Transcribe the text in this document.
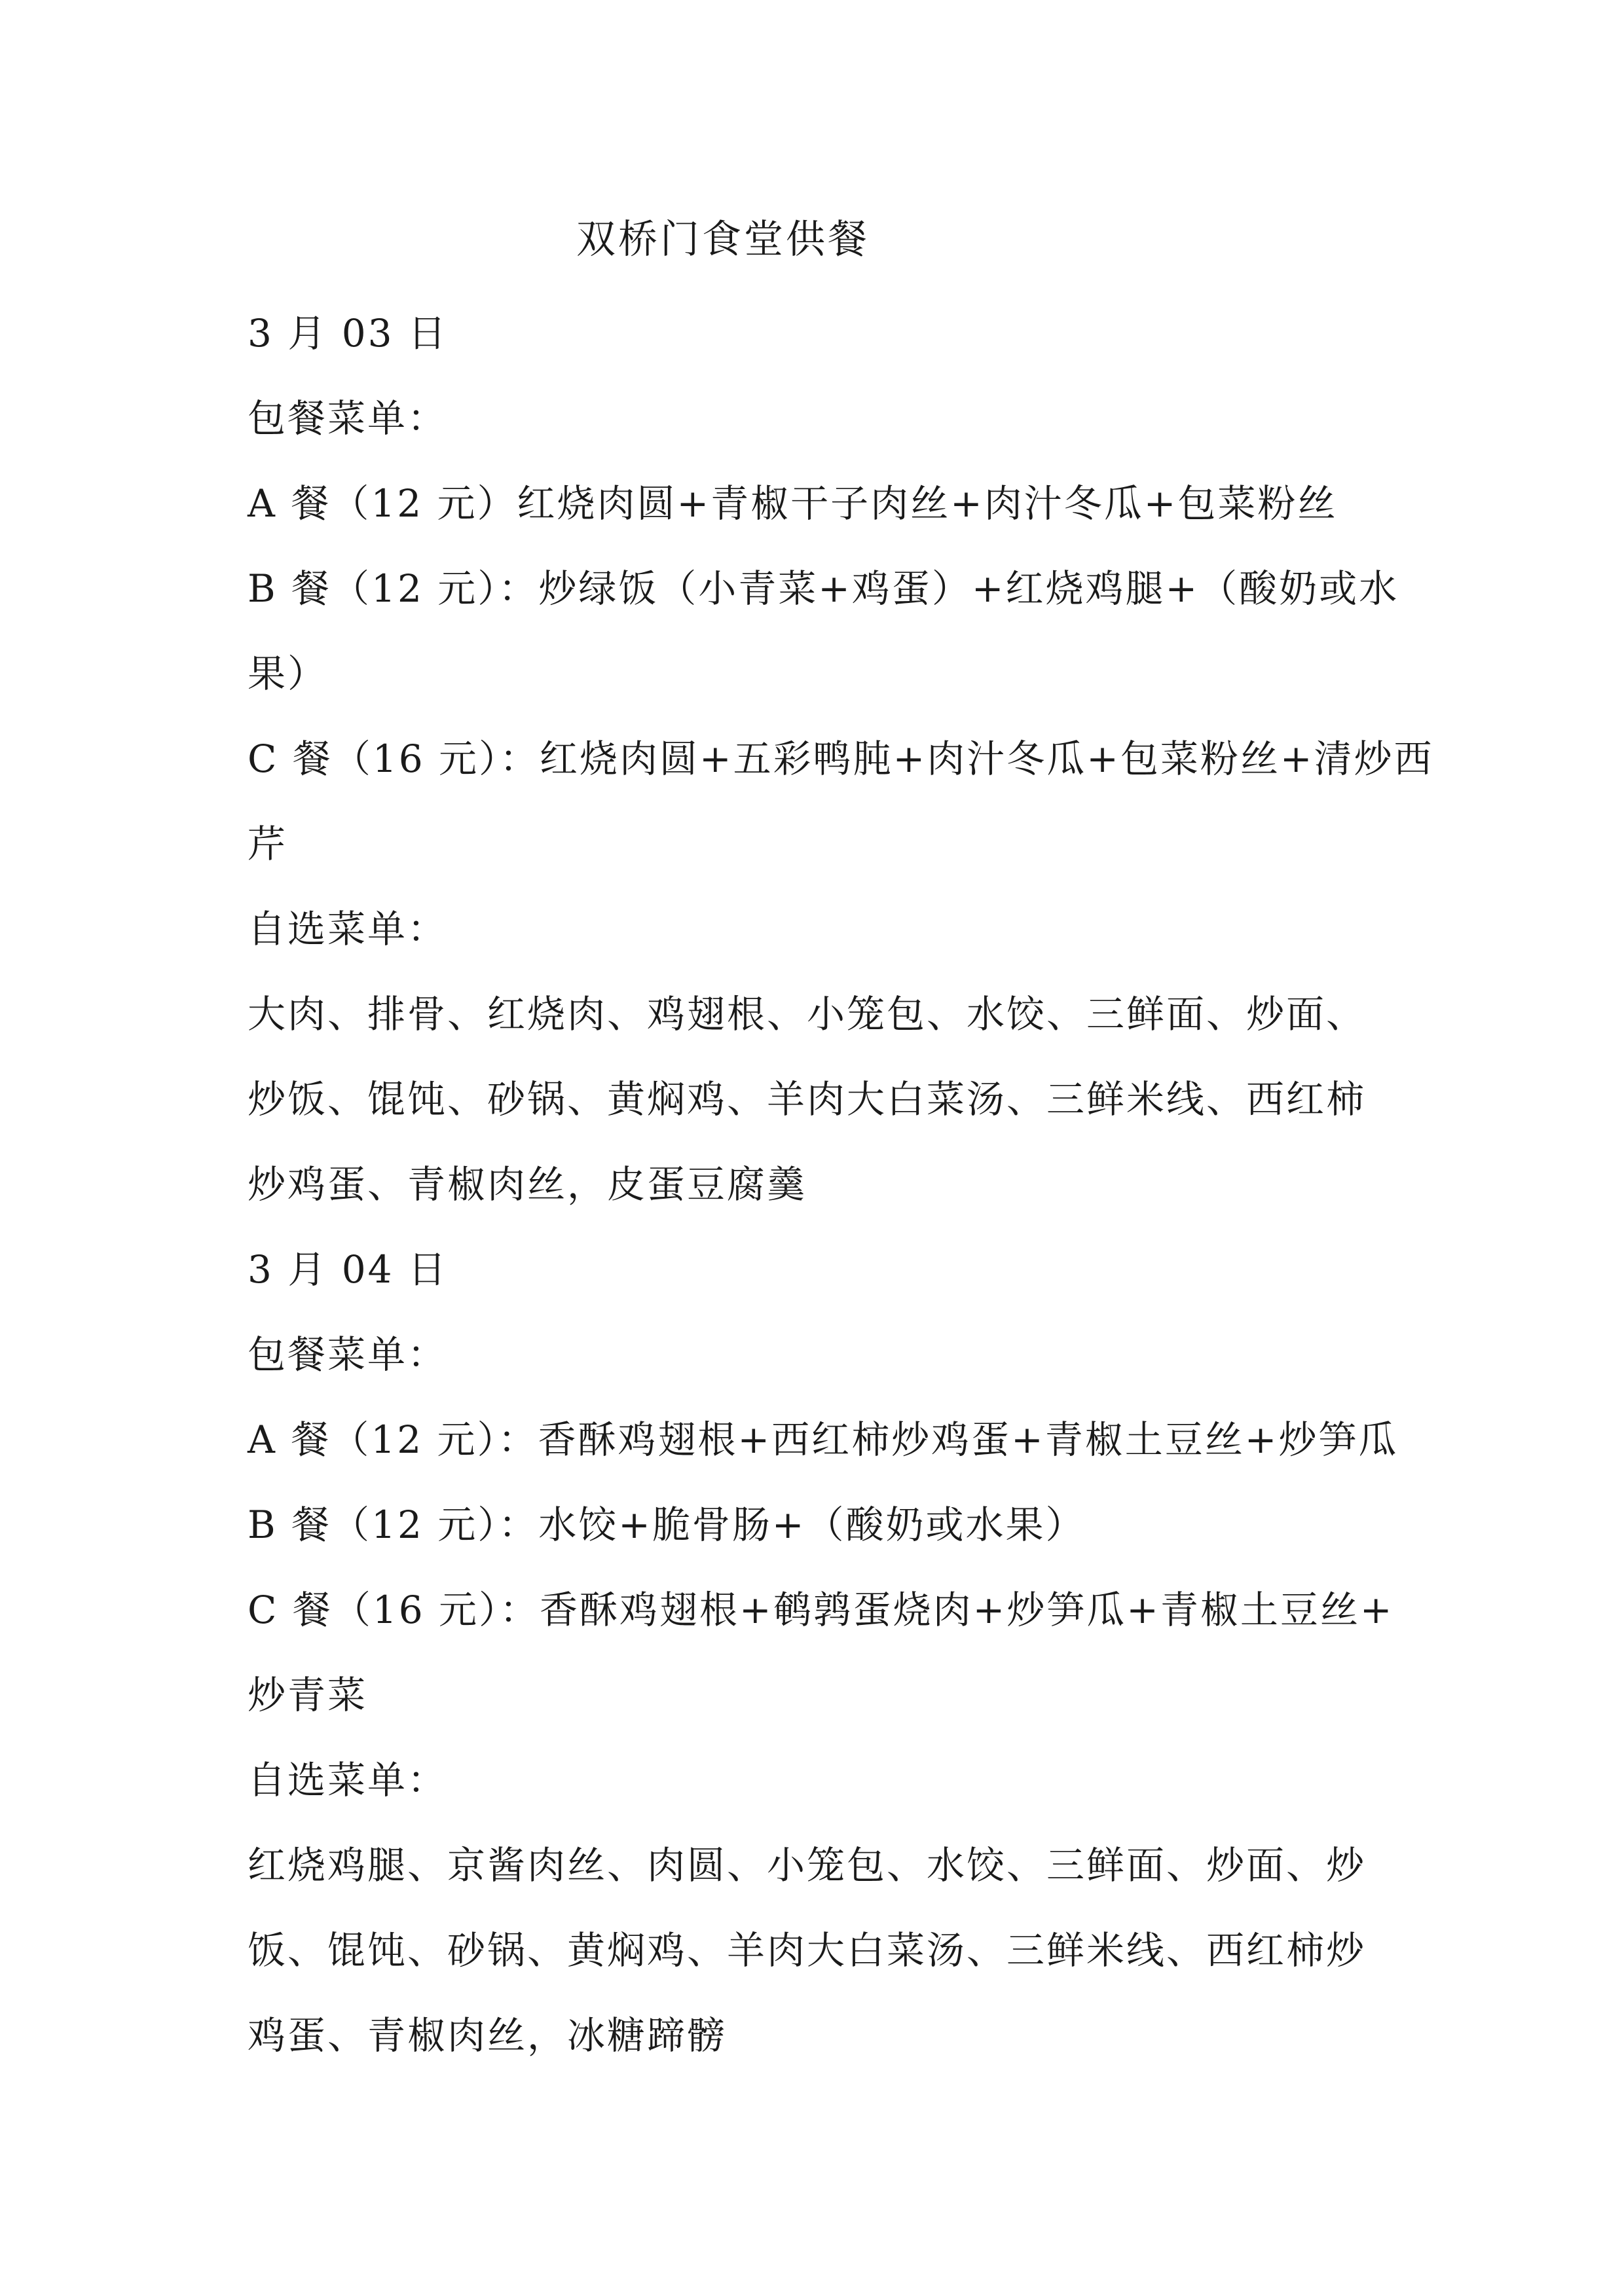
双桥门食堂供餐
3 月 03 日
包餐菜单：
A 餐（12 元）红烧肉圆+青椒干子肉丝+肉汁冬瓜+包菜粉丝
B 餐（12 元）：炒绿饭（小青菜+鸡蛋）+红烧鸡腿+（酸奶或水
果）
C 餐（16 元）：红烧肉圆+五彩鸭肫+肉汁冬瓜+包菜粉丝+清炒西
芹
自选菜单：
大肉、排骨、红烧肉、鸡翅根、小笼包、水饺、三鲜面、炒面、
炒饭、馄饨、砂锅、黄焖鸡、羊肉大白菜汤、三鲜米线、西红柿
炒鸡蛋、青椒肉丝，皮蛋豆腐羹
3 月 04 日
包餐菜单：
A 餐（12 元）：香酥鸡翅根+西红柿炒鸡蛋+青椒土豆丝+炒笋瓜
B 餐（12 元）：水饺+脆骨肠+（酸奶或水果）
C 餐（16 元）：香酥鸡翅根+鹌鹑蛋烧肉+炒笋瓜+青椒土豆丝+
炒青菜
自选菜单：
红烧鸡腿、京酱肉丝、肉圆、小笼包、水饺、三鲜面、炒面、炒
饭、馄饨、砂锅、黄焖鸡、羊肉大白菜汤、三鲜米线、西红柿炒
鸡蛋、青椒肉丝，冰糖蹄髈
